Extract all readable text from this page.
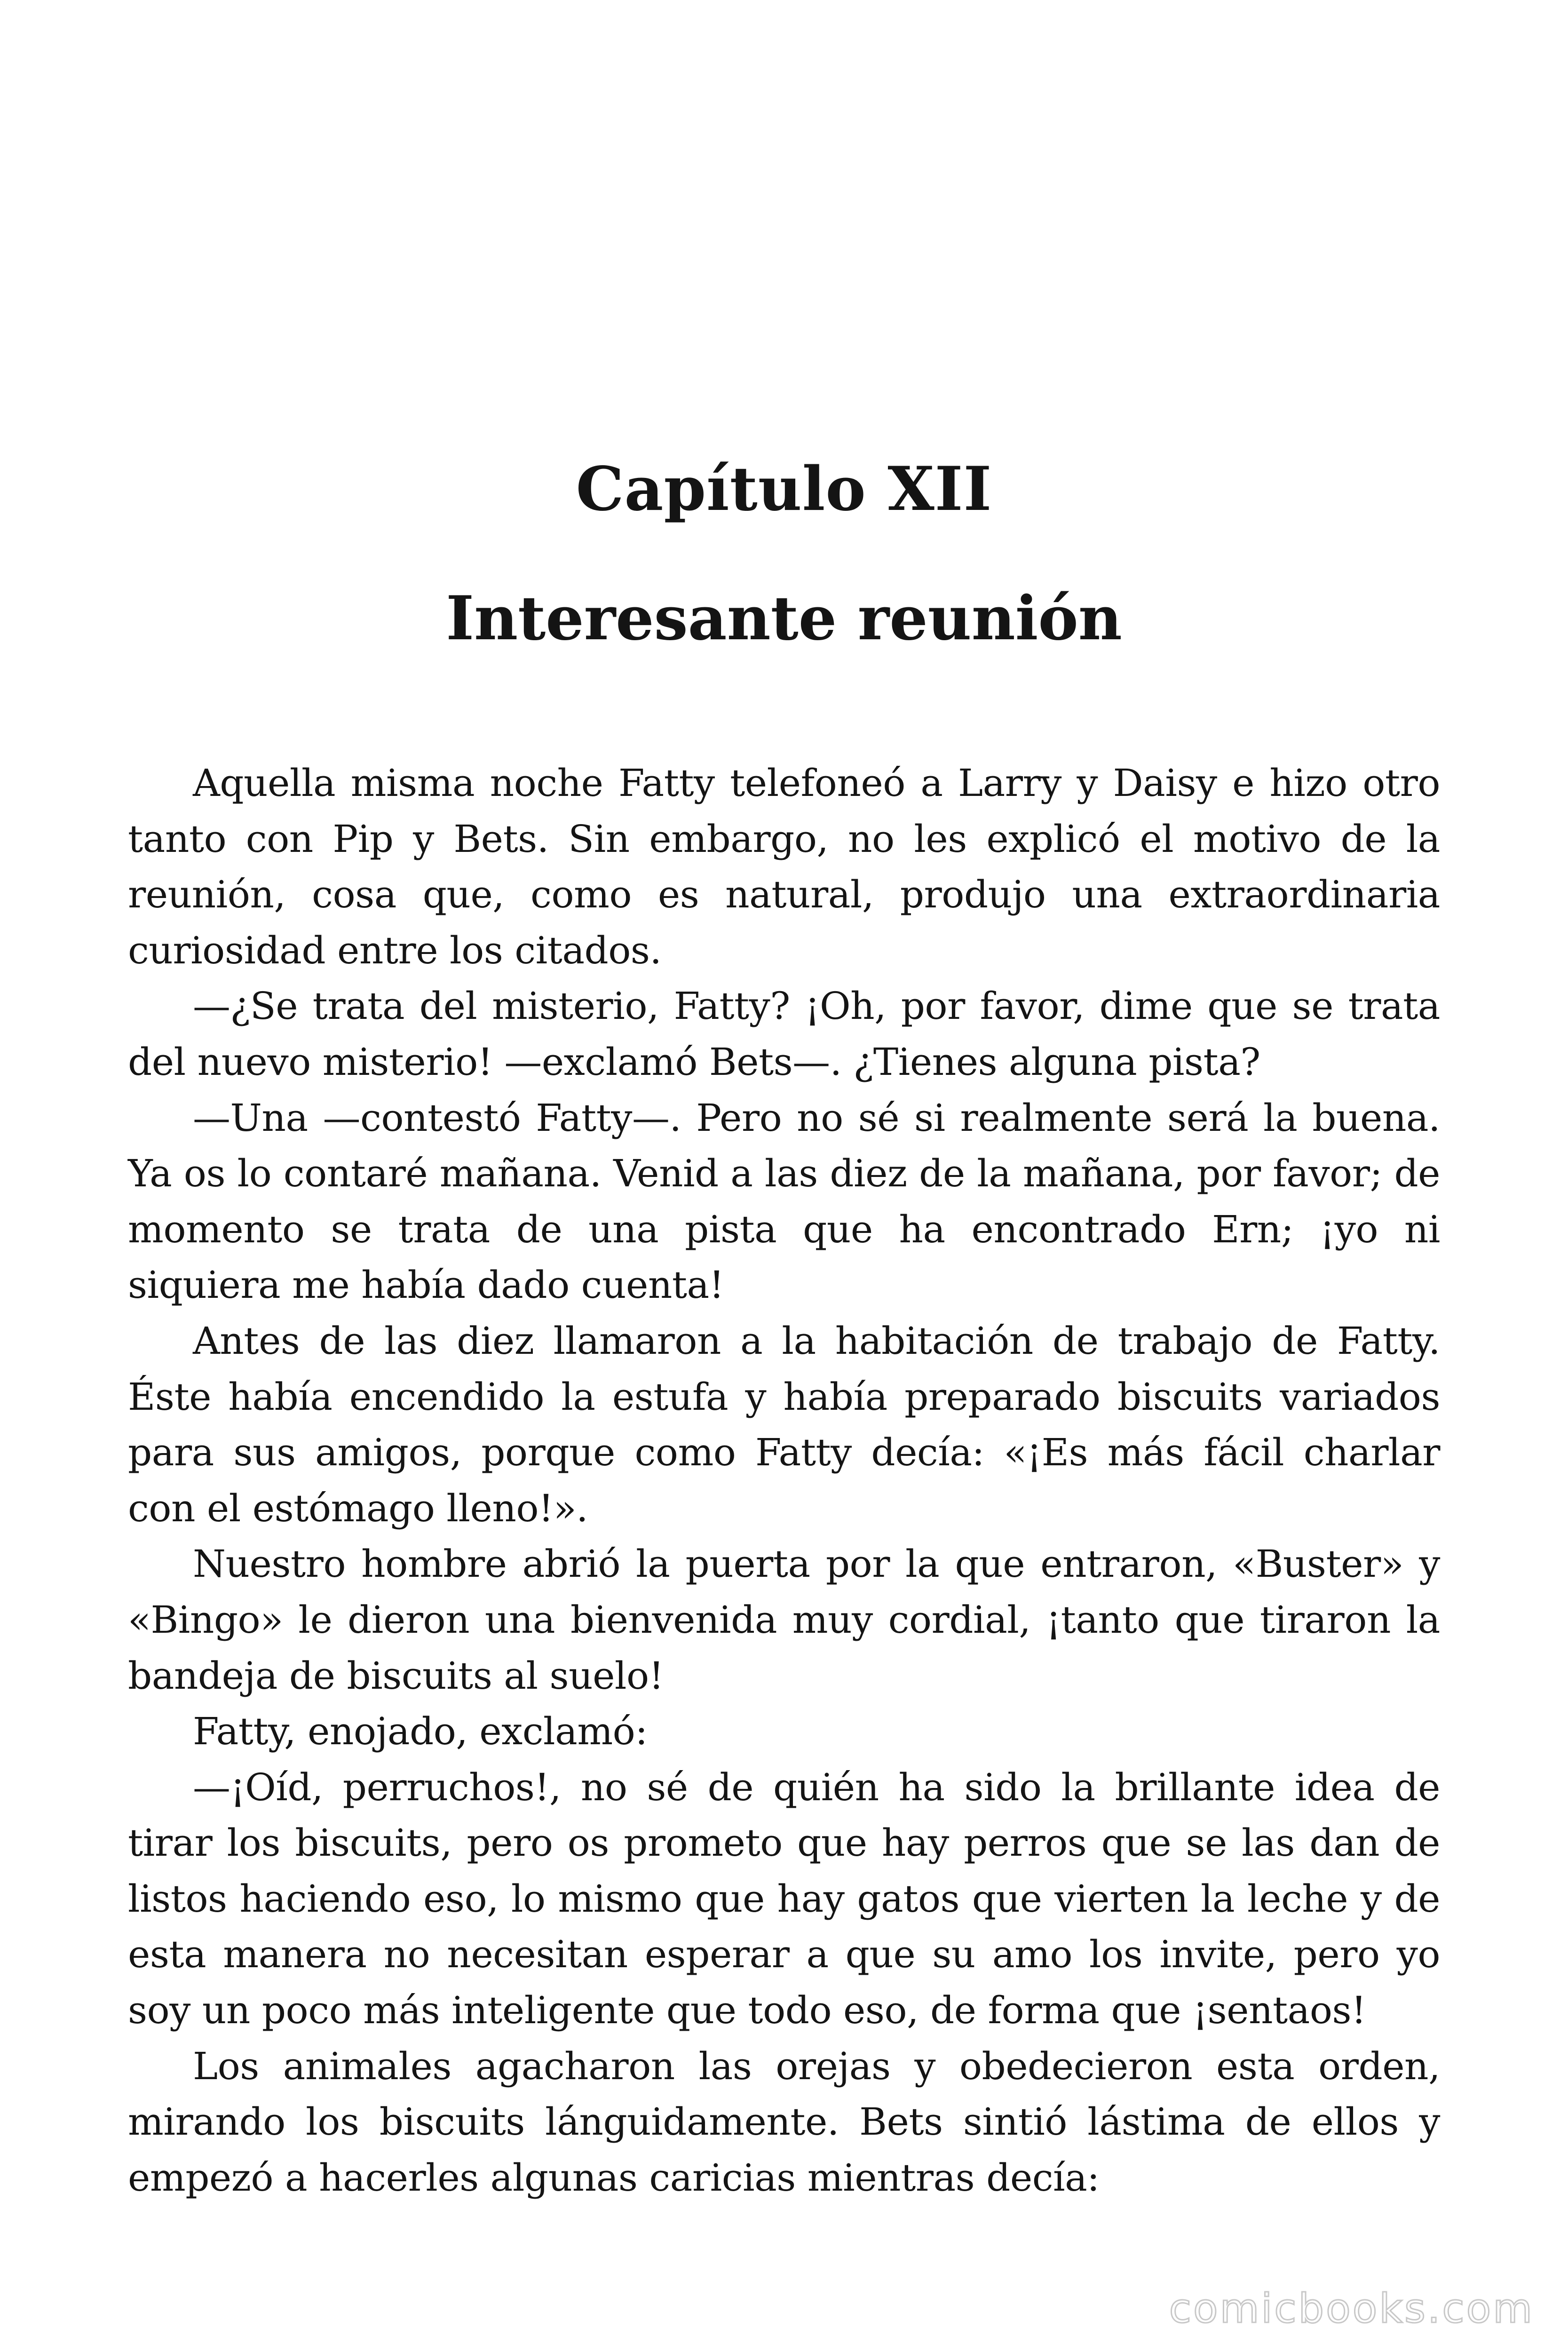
Capítulo XII
Interesante reunión

Aquella misma noche Fatty telefoneó a Larry y Daisy e hizo otro tanto con Pip y Bets. Sin embargo, no les explicó el motivo de la reunión, cosa que, como es natural, produjo una extraordinaria curiosidad entre los citados.

—¿Se trata del misterio, Fatty? ¡Oh, por favor, dime que se trata del nuevo misterio! —exclamó Bets—. ¿Tienes alguna pista?

—Una —contestó Fatty—. Pero no sé si realmente será la buena. Ya os lo contaré mañana. Venid a las diez de la mañana, por favor; de momento se trata de una pista que ha encontrado Ern; ¡yo ni siquiera me había dado cuenta!

Antes de las diez llamaron a la habitación de trabajo de Fatty. Éste había encendido la estufa y había preparado biscuits variados para sus amigos, porque como Fatty decía: «¡Es más fácil charlar con el estómago lleno!».

Nuestro hombre abrió la puerta por la que entraron, «Buster» y «Bingo» le dieron una bienvenida muy cordial, ¡tanto que tiraron la bandeja de biscuits al suelo!

Fatty, enojado, exclamó:

—¡Oíd, perruchos!, no sé de quién ha sido la brillante idea de tirar los biscuits, pero os prometo que hay perros que se las dan de listos haciendo eso, lo mismo que hay gatos que vierten la leche y de esta manera no necesitan esperar a que su amo los invite, pero yo soy un poco más inteligente que todo eso, de forma que ¡sentaos!

Los animales agacharon las orejas y obedecieron esta orden, mirando los biscuits lánguidamente. Bets sintió lástima de ellos y empezó a hacerles algunas caricias mientras decía:

comicbooks.com
